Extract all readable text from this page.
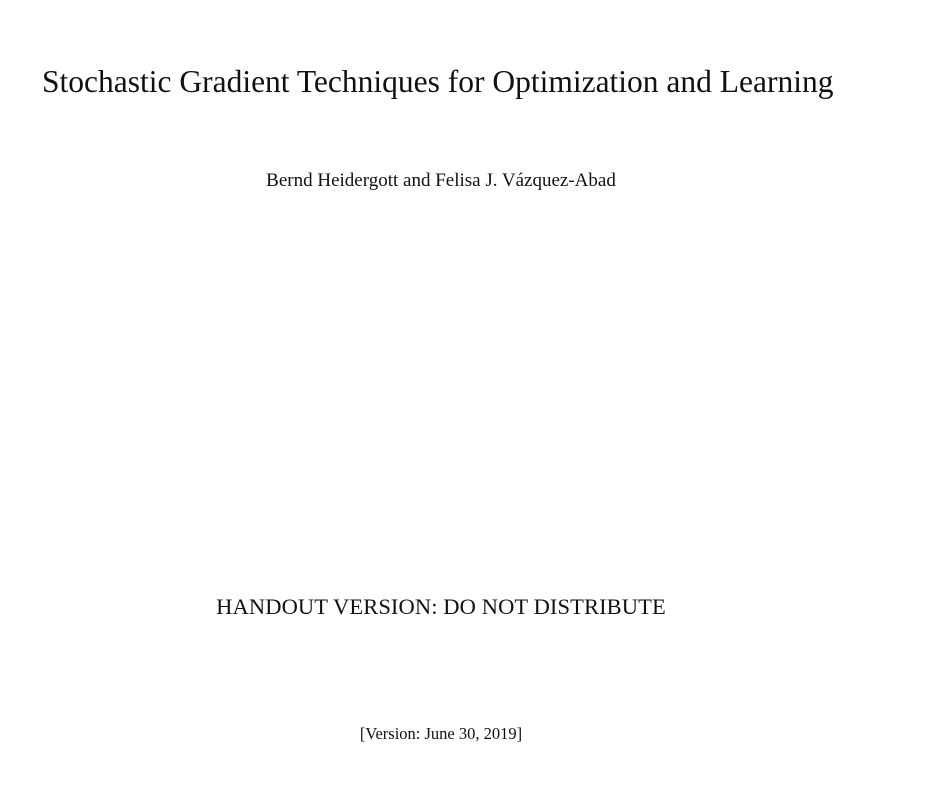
Stochastic Gradient Techniques for Optimization and Learning
Bernd Heidergott and Felisa J. Vázquez-Abad
HANDOUT VERSION: DO NOT DISTRIBUTE
[Version: June 30, 2019]
